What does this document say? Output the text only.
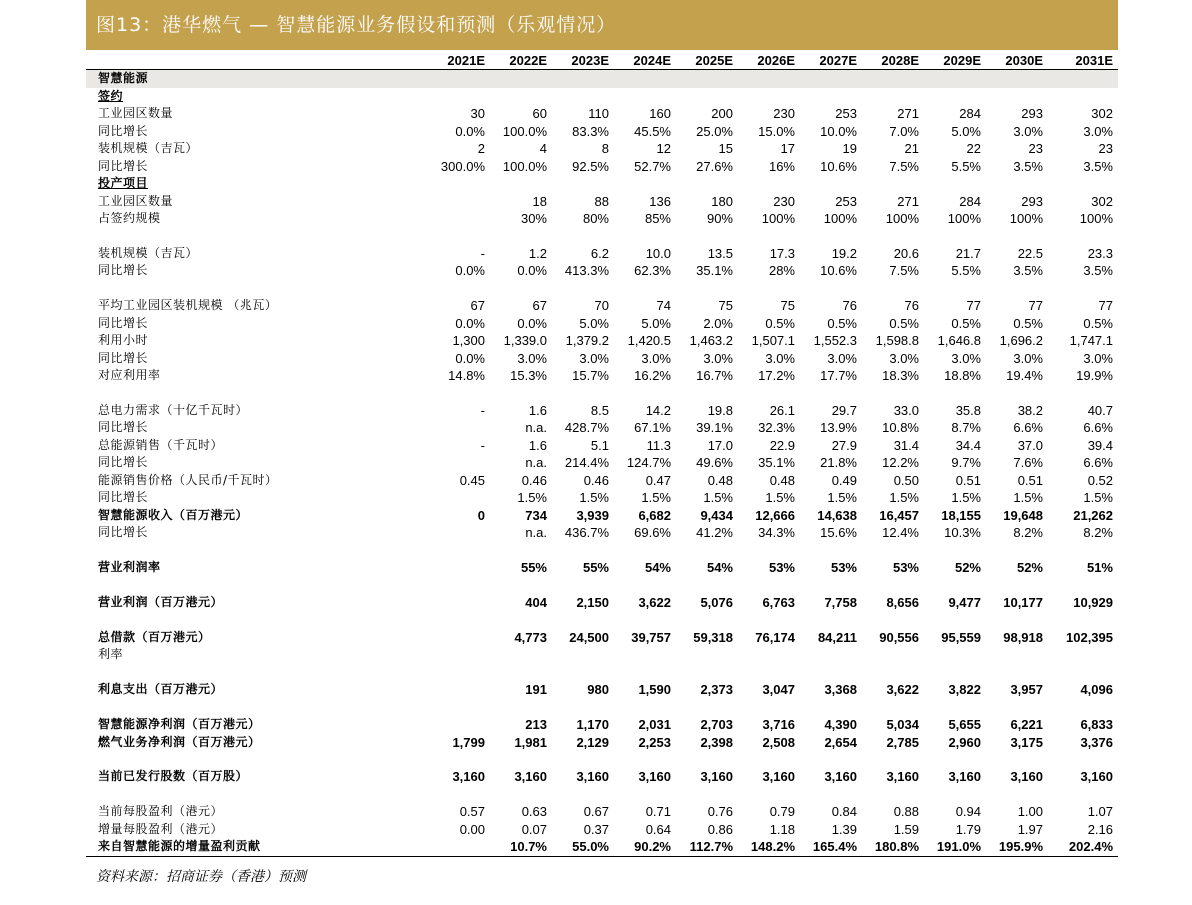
图13：港华燃气 — 智慧能源业务假设和预测（乐观情况）
	2021E	2022E	2023E	2024E	2025E	2026E	2027E	2028E	2029E	2030E	2031E
智慧能源											
签约											
工业园区数量	30	60	110	160	200	230	253	271	284	293	302
同比增长	0.0%	100.0%	83.3%	45.5%	25.0%	15.0%	10.0%	7.0%	5.0%	3.0%	3.0%
装机规模（吉瓦）	2	4	8	12	15	17	19	21	22	23	23
同比增长	300.0%	100.0%	92.5%	52.7%	27.6%	16%	10.6%	7.5%	5.5%	3.5%	3.5%
投产项目											
工业园区数量		18	88	136	180	230	253	271	284	293	302
占签约规模		30%	80%	85%	90%	100%	100%	100%	100%	100%	100%

装机规模（吉瓦）	-	1.2	6.2	10.0	13.5	17.3	19.2	20.6	21.7	22.5	23.3
同比增长	0.0%	0.0%	413.3%	62.3%	35.1%	28%	10.6%	7.5%	5.5%	3.5%	3.5%

平均工业园区装机规模 （兆瓦）	67	67	70	74	75	75	76	76	77	77	77
同比增长	0.0%	0.0%	5.0%	5.0%	2.0%	0.5%	0.5%	0.5%	0.5%	0.5%	0.5%
利用小时	1,300	1,339.0	1,379.2	1,420.5	1,463.2	1,507.1	1,552.3	1,598.8	1,646.8	1,696.2	1,747.1
同比增长	0.0%	3.0%	3.0%	3.0%	3.0%	3.0%	3.0%	3.0%	3.0%	3.0%	3.0%
对应利用率	14.8%	15.3%	15.7%	16.2%	16.7%	17.2%	17.7%	18.3%	18.8%	19.4%	19.9%

总电力需求（十亿千瓦时）	-	1.6	8.5	14.2	19.8	26.1	29.7	33.0	35.8	38.2	40.7
同比增长		n.a.	428.7%	67.1%	39.1%	32.3%	13.9%	10.8%	8.7%	6.6%	6.6%
总能源销售（千瓦时）	-	1.6	5.1	11.3	17.0	22.9	27.9	31.4	34.4	37.0	39.4
同比增长		n.a.	214.4%	124.7%	49.6%	35.1%	21.8%	12.2%	9.7%	7.6%	6.6%
能源销售价格（人民币/千瓦时）	0.45	0.46	0.46	0.47	0.48	0.48	0.49	0.50	0.51	0.51	0.52
同比增长		1.5%	1.5%	1.5%	1.5%	1.5%	1.5%	1.5%	1.5%	1.5%	1.5%
智慧能源收入（百万港元）	0	734	3,939	6,682	9,434	12,666	14,638	16,457	18,155	19,648	21,262
同比增长		n.a.	436.7%	69.6%	41.2%	34.3%	15.6%	12.4%	10.3%	8.2%	8.2%

营业利润率		55%	55%	54%	54%	53%	53%	53%	52%	52%	51%

营业利润（百万港元）		404	2,150	3,622	5,076	6,763	7,758	8,656	9,477	10,177	10,929

总借款（百万港元）		4,773	24,500	39,757	59,318	76,174	84,211	90,556	95,559	98,918	102,395
利率											

利息支出（百万港元）		191	980	1,590	2,373	3,047	3,368	3,622	3,822	3,957	4,096

智慧能源净利润（百万港元）		213	1,170	2,031	2,703	3,716	4,390	5,034	5,655	6,221	6,833
燃气业务净利润（百万港元）	1,799	1,981	2,129	2,253	2,398	2,508	2,654	2,785	2,960	3,175	3,376

当前已发行股数（百万股）	3,160	3,160	3,160	3,160	3,160	3,160	3,160	3,160	3,160	3,160	3,160

当前每股盈利（港元）	0.57	0.63	0.67	0.71	0.76	0.79	0.84	0.88	0.94	1.00	1.07
增量每股盈利（港元）	0.00	0.07	0.37	0.64	0.86	1.18	1.39	1.59	1.79	1.97	2.16
来自智慧能源的增量盈利贡献		10.7%	55.0%	90.2%	112.7%	148.2%	165.4%	180.8%	191.0%	195.9%	202.4%
资料来源：招商证券（香港）预测
